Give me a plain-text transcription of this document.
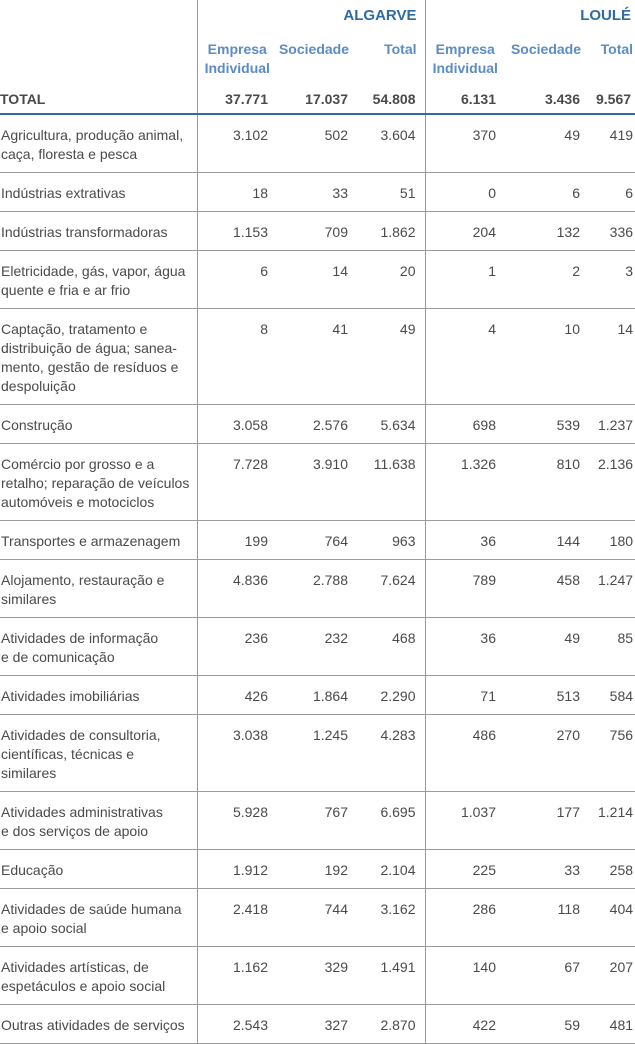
	ALGARVE			LOULÉ		
	Empresa
Individual	Sociedade	Total	Empresa
Individual	Sociedade	Total
TOTAL	37.771	17.037	54.808	6.131	3.436	9.567
Agricultura, produção animal,
caça, floresta e pesca	3.102	502	3.604	370	49	419
Indústrias extrativas	18	33	51	0	6	6
Indústrias transformadoras	1.153	709	1.862	204	132	336
Eletricidade, gás, vapor, água
quente e fria e ar frio	6	14	20	1	2	3
Captação, tratamento e
distribuição de água; sanea-
mento, gestão de resíduos e
despoluição	8	41	49	4	10	14
Construção	3.058	2.576	5.634	698	539	1.237
Comércio por grosso e a
retalho; reparação de veículos
automóveis e motociclos	7.728	3.910	11.638	1.326	810	2.136
Transportes e armazenagem	199	764	963	36	144	180
Alojamento, restauração e
similares	4.836	2.788	7.624	789	458	1.247
Atividades de informação
e de comunicação	236	232	468	36	49	85
Atividades imobiliárias	426	1.864	2.290	71	513	584
Atividades de consultoria,
científicas, técnicas e
similares	3.038	1.245	4.283	486	270	756
Atividades administrativas
e dos serviços de apoio	5.928	767	6.695	1.037	177	1.214
Educação	1.912	192	2.104	225	33	258
Atividades de saúde humana
e apoio social	2.418	744	3.162	286	118	404
Atividades artísticas, de
espetáculos e apoio social	1.162	329	1.491	140	67	207
Outras atividades de serviços	2.543	327	2.870	422	59	481
